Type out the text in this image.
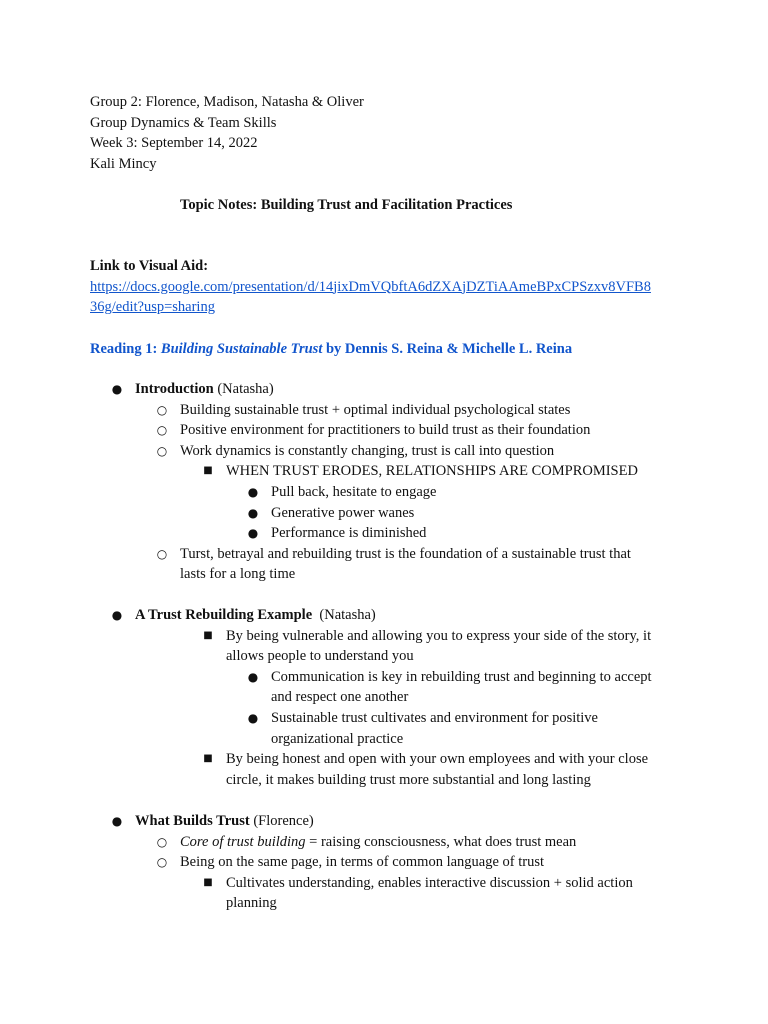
Group 2: Florence, Madison, Natasha & Oliver
Group Dynamics & Team Skills
Week 3: September 14, 2022
Kali Mincy
Topic Notes: Building Trust and Facilitation Practices
Link to Visual Aid:
https://docs.google.com/presentation/d/14jixDmVQbftA6dZXAjDZTiAAmeBPxCPSzxv8VFB8
36g/edit?usp=sharing
Reading 1: Building Sustainable Trust by Dennis S. Reina & Michelle L. Reina
● Introduction (Natasha)
○ Building sustainable trust + optimal individual psychological states
○ Positive environment for practitioners to build trust as their foundation
○ Work dynamics is constantly changing, trust is call into question
■ WHEN TRUST ERODES, RELATIONSHIPS ARE COMPROMISED
● Pull back, hesitate to engage
● Generative power wanes
● Performance is diminished
○ Turst, betrayal and rebuilding trust is the foundation of a sustainable trust that
lasts for a long time
● A Trust Rebuilding Example  (Natasha)
■ By being vulnerable and allowing you to express your side of the story, it
allows people to understand you
● Communication is key in rebuilding trust and beginning to accept
and respect one another
● Sustainable trust cultivates and environment for positive
organizational practice
■ By being honest and open with your own employees and with your close
circle, it makes building trust more substantial and long lasting
● What Builds Trust (Florence)
○ Core of trust building = raising consciousness, what does trust mean
○ Being on the same page, in terms of common language of trust
■ Cultivates understanding, enables interactive discussion + solid action
planning
